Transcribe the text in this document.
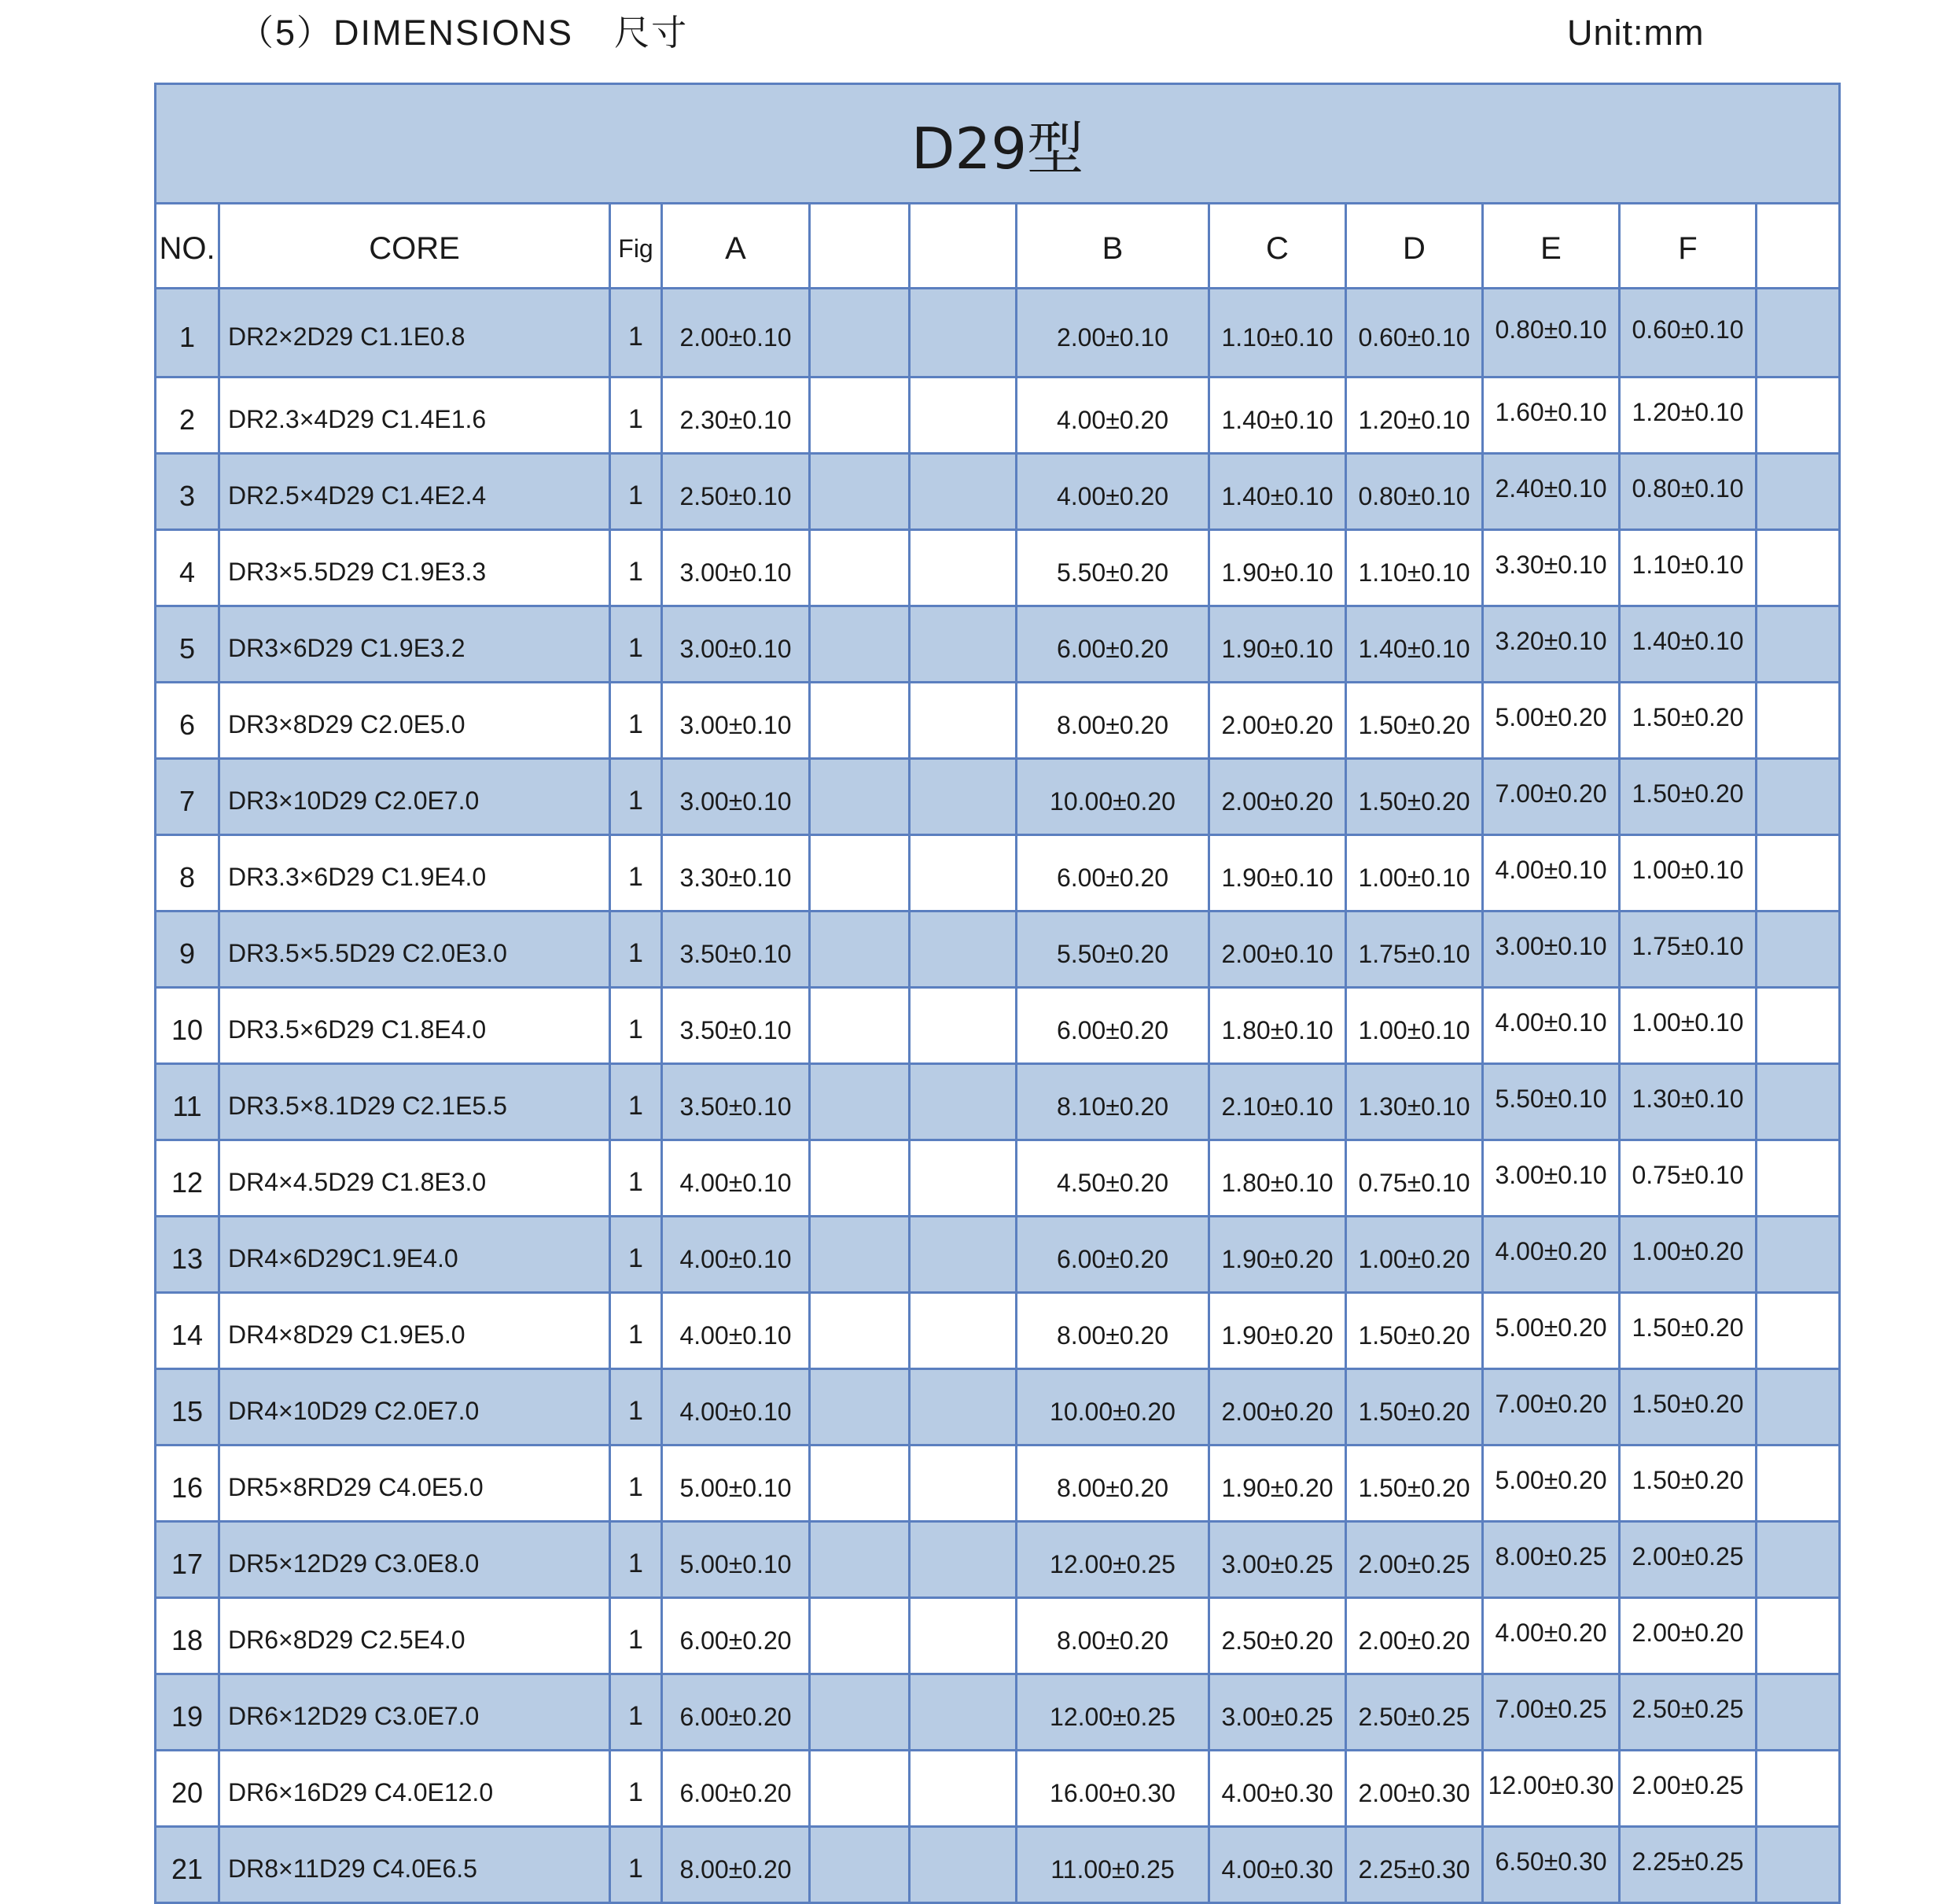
（5）DIMENSIONS 尺寸	Unit:mm
D29型											
NO.	CORE	Fig	A			B	C	D	E	F	
1	DR2×2D29 C1.1E0.8	1	2.00±0.10			2.00±0.10	1.10±0.10	0.60±0.10	0.80±0.10	0.60±0.10	
2	DR2.3×4D29 C1.4E1.6	1	2.30±0.10			4.00±0.20	1.40±0.10	1.20±0.10	1.60±0.10	1.20±0.10	
3	DR2.5×4D29 C1.4E2.4	1	2.50±0.10			4.00±0.20	1.40±0.10	0.80±0.10	2.40±0.10	0.80±0.10	
4	DR3×5.5D29 C1.9E3.3	1	3.00±0.10			5.50±0.20	1.90±0.10	1.10±0.10	3.30±0.10	1.10±0.10	
5	DR3×6D29 C1.9E3.2	1	3.00±0.10			6.00±0.20	1.90±0.10	1.40±0.10	3.20±0.10	1.40±0.10	
6	DR3×8D29 C2.0E5.0	1	3.00±0.10			8.00±0.20	2.00±0.20	1.50±0.20	5.00±0.20	1.50±0.20	
7	DR3×10D29 C2.0E7.0	1	3.00±0.10			10.00±0.20	2.00±0.20	1.50±0.20	7.00±0.20	1.50±0.20	
8	DR3.3×6D29 C1.9E4.0	1	3.30±0.10			6.00±0.20	1.90±0.10	1.00±0.10	4.00±0.10	1.00±0.10	
9	DR3.5×5.5D29 C2.0E3.0	1	3.50±0.10			5.50±0.20	2.00±0.10	1.75±0.10	3.00±0.10	1.75±0.10	
10	DR3.5×6D29 C1.8E4.0	1	3.50±0.10			6.00±0.20	1.80±0.10	1.00±0.10	4.00±0.10	1.00±0.10	
11	DR3.5×8.1D29 C2.1E5.5	1	3.50±0.10			8.10±0.20	2.10±0.10	1.30±0.10	5.50±0.10	1.30±0.10	
12	DR4×4.5D29 C1.8E3.0	1	4.00±0.10			4.50±0.20	1.80±0.10	0.75±0.10	3.00±0.10	0.75±0.10	
13	DR4×6D29C1.9E4.0	1	4.00±0.10			6.00±0.20	1.90±0.20	1.00±0.20	4.00±0.20	1.00±0.20	
14	DR4×8D29 C1.9E5.0	1	4.00±0.10			8.00±0.20	1.90±0.20	1.50±0.20	5.00±0.20	1.50±0.20	
15	DR4×10D29 C2.0E7.0	1	4.00±0.10			10.00±0.20	2.00±0.20	1.50±0.20	7.00±0.20	1.50±0.20	
16	DR5×8RD29 C4.0E5.0	1	5.00±0.10			8.00±0.20	1.90±0.20	1.50±0.20	5.00±0.20	1.50±0.20	
17	DR5×12D29 C3.0E8.0	1	5.00±0.10			12.00±0.25	3.00±0.25	2.00±0.25	8.00±0.25	2.00±0.25	
18	DR6×8D29 C2.5E4.0	1	6.00±0.20			8.00±0.20	2.50±0.20	2.00±0.20	4.00±0.20	2.00±0.20	
19	DR6×12D29 C3.0E7.0	1	6.00±0.20			12.00±0.25	3.00±0.25	2.50±0.25	7.00±0.25	2.50±0.25	
20	DR6×16D29 C4.0E12.0	1	6.00±0.20			16.00±0.30	4.00±0.30	2.00±0.30	12.00±0.30	2.00±0.25	
21	DR8×11D29 C4.0E6.5	1	8.00±0.20			11.00±0.25	4.00±0.30	2.25±0.30	6.50±0.30	2.25±0.25	
